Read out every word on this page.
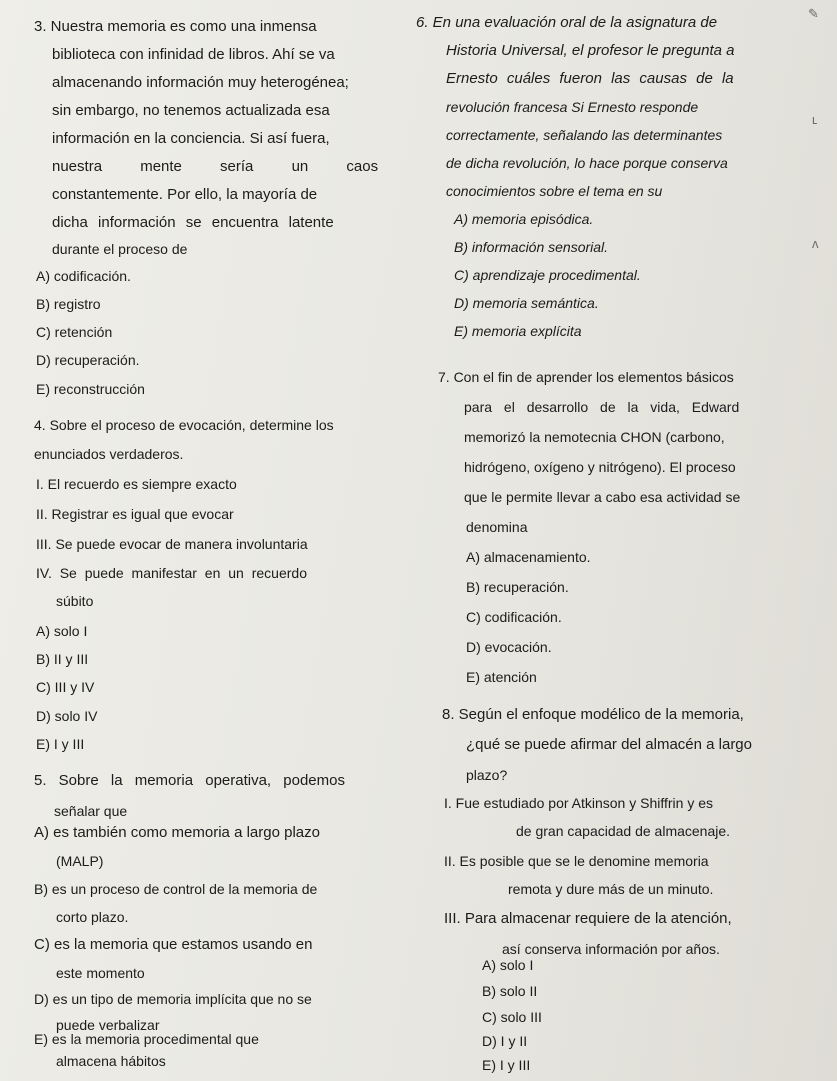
3. Nuestra memoria es como una inmensa
biblioteca con infinidad de libros. Ahí se va
almacenando información muy heterogénea;
sin embargo, no tenemos actualizada esa
información en la conciencia. Si así fuera,
nuestra mente sería un caos
constantemente. Por ello, la mayoría de
dicha información se encuentra latente
durante el proceso de
A) codificación.
B) registro
C) retención
D) recuperación.
E) reconstrucción
4. Sobre el proceso de evocación, determine los
enunciados verdaderos.
I. El recuerdo es siempre exacto
II. Registrar es igual que evocar
III. Se puede evocar de manera involuntaria
IV. Se puede manifestar en un recuerdo
súbito
A) solo I
B) II y III
C) III y IV
D) solo IV
E) I y III
5. Sobre la memoria operativa, podemos
señalar que
A) es también como memoria a largo plazo
(MALP)
B) es un proceso de control de la memoria de
corto plazo.
C) es la memoria que estamos usando en
este momento
D) es un tipo de memoria implícita que no se
puede verbalizar
6. En una evaluación oral de la asignatura de
Historia Universal, el profesor le pregunta a
Ernesto cuáles fueron las causas de la
revolución francesa Si Ernesto responde
correctamente, señalando las determinantes
de dicha revolución, lo hace porque conserva
conocimientos sobre el tema en su
A) memoria episódica.
B) información sensorial.
C) aprendizaje procedimental.
D) memoria semántica.
E) memoria explícita
7. Con el fin de aprender los elementos básicos
para el desarrollo de la vida, Edward
memorizó la nemotecnia CHON (carbono,
hidrógeno, oxígeno y nitrógeno). El proceso
que le permite llevar a cabo esa actividad se
denomina
A) almacenamiento.
B) recuperación.
C) codificación.
D) evocación.
E) atención
8. Según el enfoque modélico de la memoria,
¿qué se puede afirmar del almacén a largo
plazo?
I. Fue estudiado por Atkinson y Shiffrin y es
de gran capacidad de almacenaje.
II. Es posible que se le denomine memoria
remota y dure más de un minuto.
III. Para almacenar requiere de la atención,
así conserva información por años.
A) solo I
B) solo II
C) solo III
D) I y II
E) I y III
✎
ʟ
ᴧ
E) es la memoria procedimental que
almacena hábitos
